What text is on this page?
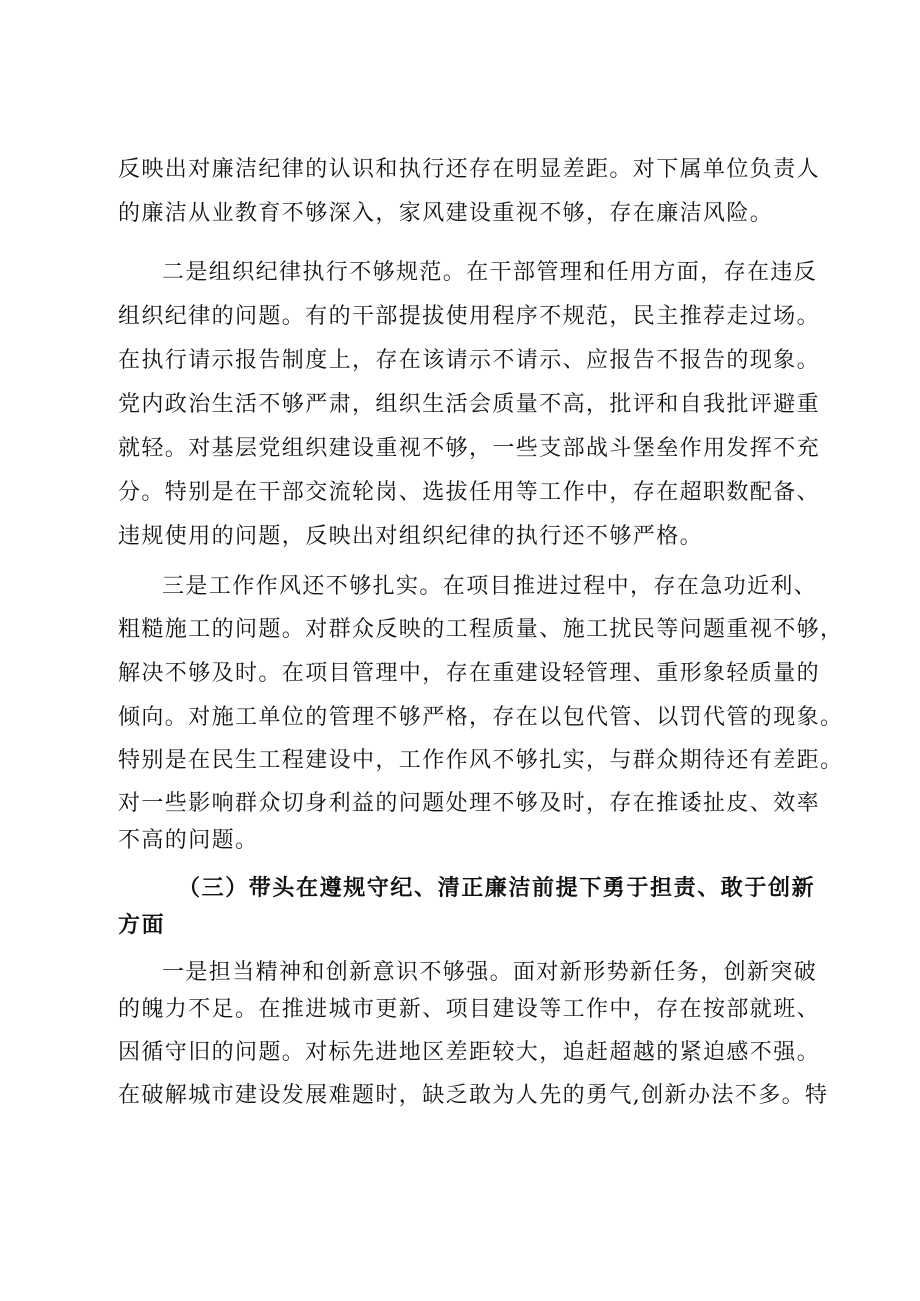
反映出对廉洁纪律的认识和执行还存在明显差距。对下属单位负责人
的廉洁从业教育不够深入，家风建设重视不够，存在廉洁风险。
二是组织纪律执行不够规范。在干部管理和任用方面，存在违反
组织纪律的问题。有的干部提拔使用程序不规范，民主推荐走过场。
在执行请示报告制度上，存在该请示不请示、应报告不报告的现象。
党内政治生活不够严肃，组织生活会质量不高，批评和自我批评避重
就轻。对基层党组织建设重视不够，一些支部战斗堡垒作用发挥不充
分。特别是在干部交流轮岗、选拔任用等工作中，存在超职数配备、
违规使用的问题，反映出对组织纪律的执行还不够严格。
三是工作作风还不够扎实。在项目推进过程中，存在急功近利、
粗糙施工的问题。对群众反映的工程质量、施工扰民等问题重视不够，
解决不够及时。在项目管理中，存在重建设轻管理、重形象轻质量的
倾向。对施工单位的管理不够严格，存在以包代管、以罚代管的现象。
特别是在民生工程建设中，工作作风不够扎实，与群众期待还有差距。
对一些影响群众切身利益的问题处理不够及时，存在推诿扯皮、效率
不高的问题。
（三）带头在遵规守纪、清正廉洁前提下勇于担责、敢于创新
方面
一是担当精神和创新意识不够强。面对新形势新任务，创新突破
的魄力不足。在推进城市更新、项目建设等工作中，存在按部就班、
因循守旧的问题。对标先进地区差距较大，追赶超越的紧迫感不强。
在破解城市建设发展难题时，缺乏敢为人先的勇气,创新办法不多。特
